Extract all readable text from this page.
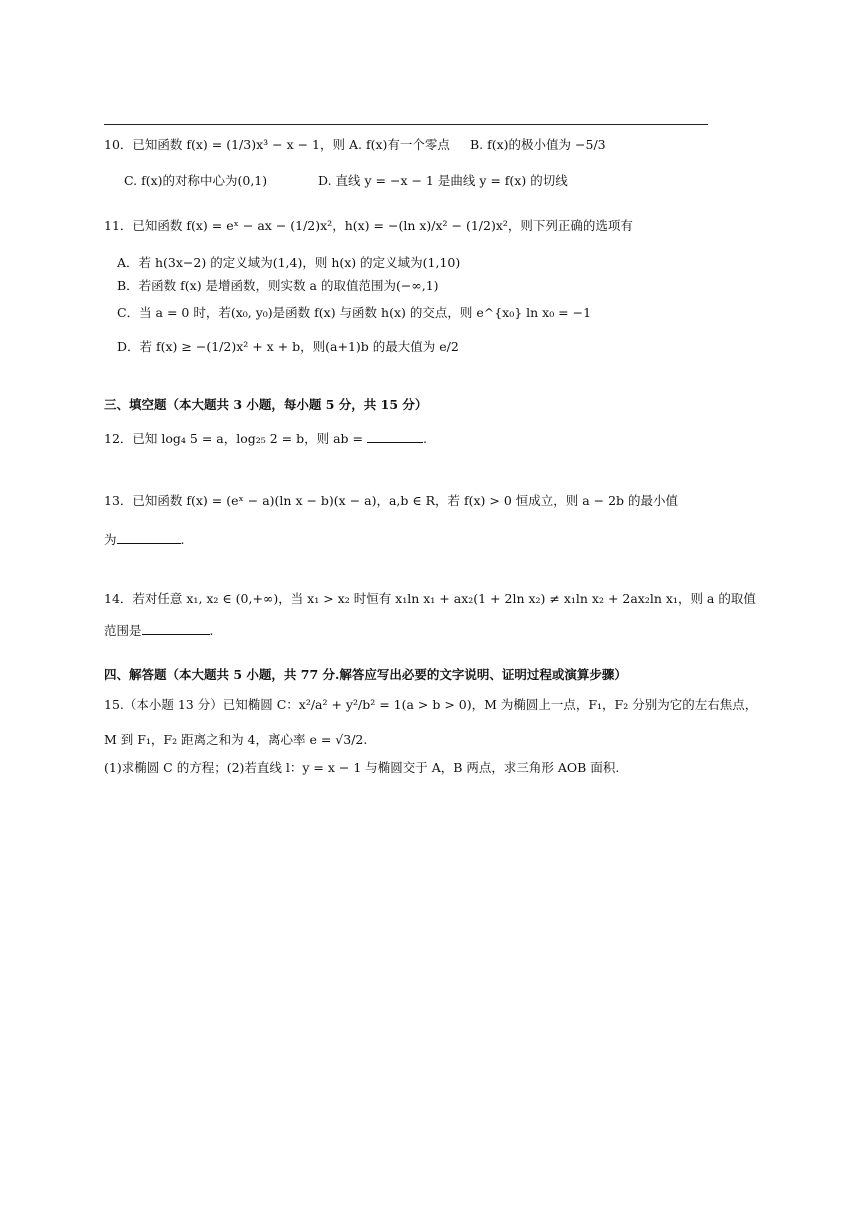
10．已知函数 f(x) = (1/3)x³ − x − 1，则 A. f(x)有一个零点 B. f(x)的极小值为 −5/3
C. f(x)的对称中心为(0,1)	D. 直线 y = −x − 1 是曲线 y = f(x) 的切线
11．已知函数 f(x) = eˣ − ax − (1/2)x²，h(x) = −(ln x)/x² − (1/2)x²，则下列正确的选项有
A．若 h(3x−2) 的定义域为(1,4)，则 h(x) 的定义域为(1,10)
B．若函数 f(x) 是增函数，则实数 a 的取值范围为(−∞,1)
C．当 a = 0 时，若(x₀, y₀)是函数 f(x) 与函数 h(x) 的交点，则 e^{x₀} ln x₀ = −1
D．若 f(x) ≥ −(1/2)x² + x + b，则(a+1)b 的最大值为 e/2
三、填空题（本大题共 3 小题，每小题 5 分，共 15 分）
12．已知 log₄ 5 = a，log₂₅ 2 = b，则 ab =	.
13．已知函数 f(x) = (eˣ − a)(ln x − b)(x − a)，a,b ∈ R，若 f(x) > 0 恒成立，则 a − 2b 的最小值
为	.
14．若对任意 x₁, x₂ ∈ (0,+∞)，当 x₁ > x₂ 时恒有 x₁ln x₁ + ax₂(1 + 2ln x₂) ≠ x₁ln x₂ + 2ax₂ln x₁，则 a 的取值
范围是	.
四、解答题（本大题共 5 小题，共 77 分.解答应写出必要的文字说明、证明过程或演算步骤）
15.（本小题 13 分）已知椭圆 C：x²/a² + y²/b² = 1(a > b > 0)，M 为椭圆上一点，F₁，F₂ 分别为它的左右焦点，
M 到 F₁，F₂ 距离之和为 4，离心率 e = √3/2.
(1)求椭圆 C 的方程；(2)若直线 l：y = x − 1 与椭圆交于 A，B 两点，求三角形 AOB 面积.
